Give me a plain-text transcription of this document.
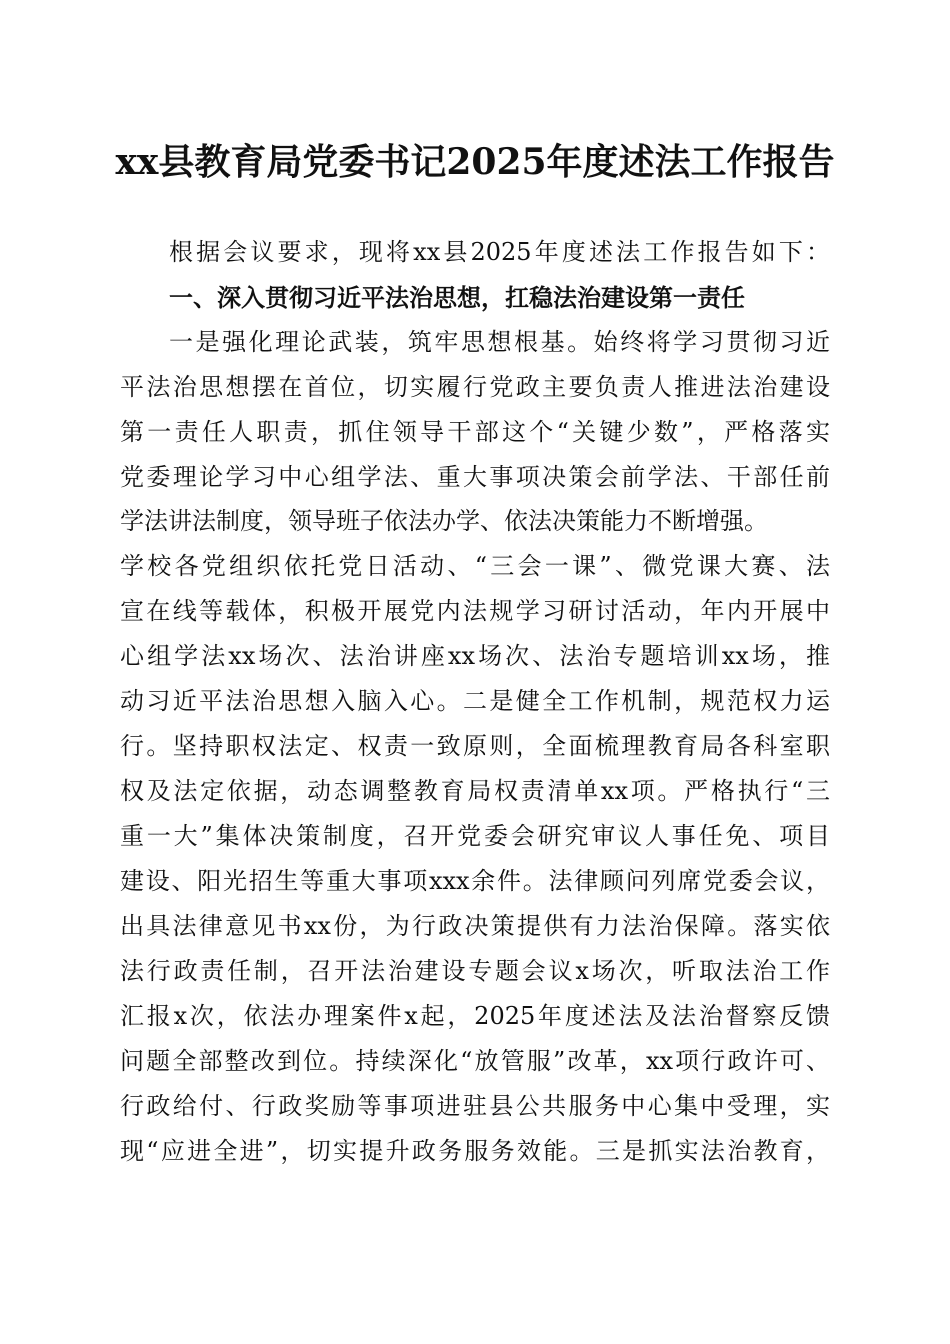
xx县教育局党委书记2025年度述法工作报告
根据会议要求，现将xx县2025年度述法工作报告如下：
一、深入贯彻习近平法治思想，扛稳法治建设第一责任
一是强化理论武装，筑牢思想根基。始终将学习贯彻习近
平法治思想摆在首位，切实履行党政主要负责人推进法治建设
第一责任人职责，抓住领导干部这个“关键少数”，严格落实
党委理论学习中心组学法、重大事项决策会前学法、干部任前
学法讲法制度，领导班子依法办学、依法决策能力不断增强。
学校各党组织依托党日活动、“三会一课”、微党课大赛、法
宣在线等载体，积极开展党内法规学习研讨活动，年内开展中
心组学法xx场次、法治讲座xx场次、法治专题培训xx场，推
动习近平法治思想入脑入心。二是健全工作机制，规范权力运
行。坚持职权法定、权责一致原则，全面梳理教育局各科室职
权及法定依据，动态调整教育局权责清单xx项。严格执行“三
重一大”集体决策制度，召开党委会研究审议人事任免、项目
建设、阳光招生等重大事项xxx余件。法律顾问列席党委会议，
出具法律意见书xx份，为行政决策提供有力法治保障。落实依
法行政责任制，召开法治建设专题会议x场次，听取法治工作
汇报x次，依法办理案件x起，2025年度述法及法治督察反馈
问题全部整改到位。持续深化“放管服”改革，xx项行政许可、
行政给付、行政奖励等事项进驻县公共服务中心集中受理，实
现“应进全进”，切实提升政务服务效能。三是抓实法治教育，
